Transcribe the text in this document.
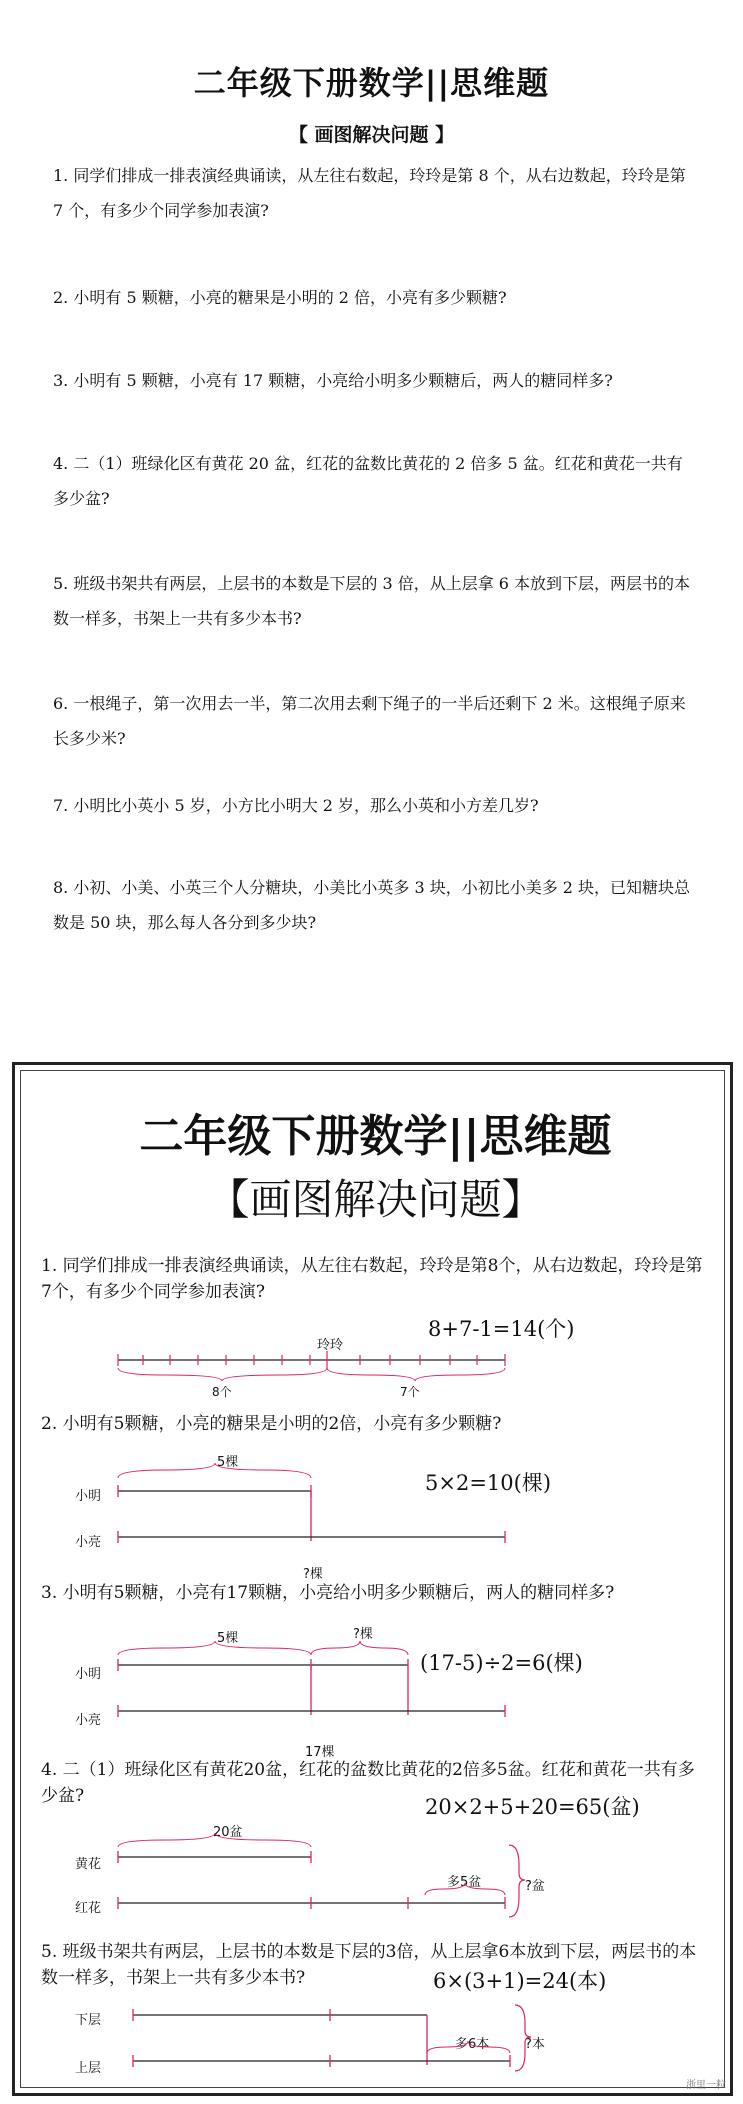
二年级下册数学||思维题
【 画图解决问题 】
1. 同学们排成一排表演经典诵读，从左往右数起，玲玲是第 8 个，从右边数起，玲玲是第 7 个，有多少个同学参加表演?
2. 小明有 5 颗糖，小亮的糖果是小明的 2 倍，小亮有多少颗糖?
3. 小明有 5 颗糖，小亮有 17 颗糖，小亮给小明多少颗糖后，两人的糖同样多?
4. 二（1）班绿化区有黄花 20 盆，红花的盆数比黄花的 2 倍多 5 盆。红花和黄花一共有多少盆?
5. 班级书架共有两层，上层书的本数是下层的 3 倍，从上层拿 6 本放到下层，两层书的本数一样多，书架上一共有多少本书?
6. 一根绳子，第一次用去一半，第二次用去剩下绳子的一半后还剩下 2 米。这根绳子原来长多少米?
7. 小明比小英小 5 岁，小方比小明大 2 岁，那么小英和小方差几岁?
8. 小初、小美、小英三个人分糖块，小美比小英多 3 块，小初比小美多 2 块，已知糖块总数是 50 块，那么每人各分到多少块?
二年级下册数学||思维题
【画图解决问题】
1. 同学们排成一排表演经典诵读，从左往右数起，玲玲是第8个，从右边数起，玲玲是第7个，有多少个同学参加表演?
8+7-1=14(个)
玲玲
8个	7个
2. 小明有5颗糖，小亮的糖果是小明的2倍，小亮有多少颗糖?
5棵
5×2=10(棵)
小明
小亮
?棵
3. 小明有5颗糖，小亮有17颗糖，小亮给小明多少颗糖后，两人的糖同样多?
5棵	?棵
(17-5)÷2=6(棵)
小明
小亮
17棵
4. 二（1）班绿化区有黄花20盆，红花的盆数比黄花的2倍多5盆。红花和黄花一共有多少盆?	20×2+5+20=65(盆)
20盆
黄花
多5盆	?盆
红花
5. 班级书架共有两层，上层书的本数是下层的3倍，从上层拿6本放到下层，两层书的本数一样多，书架上一共有多少本书?	6×(3+1)=24(本)
下层
多6本	?本
上层
浙里一粒
